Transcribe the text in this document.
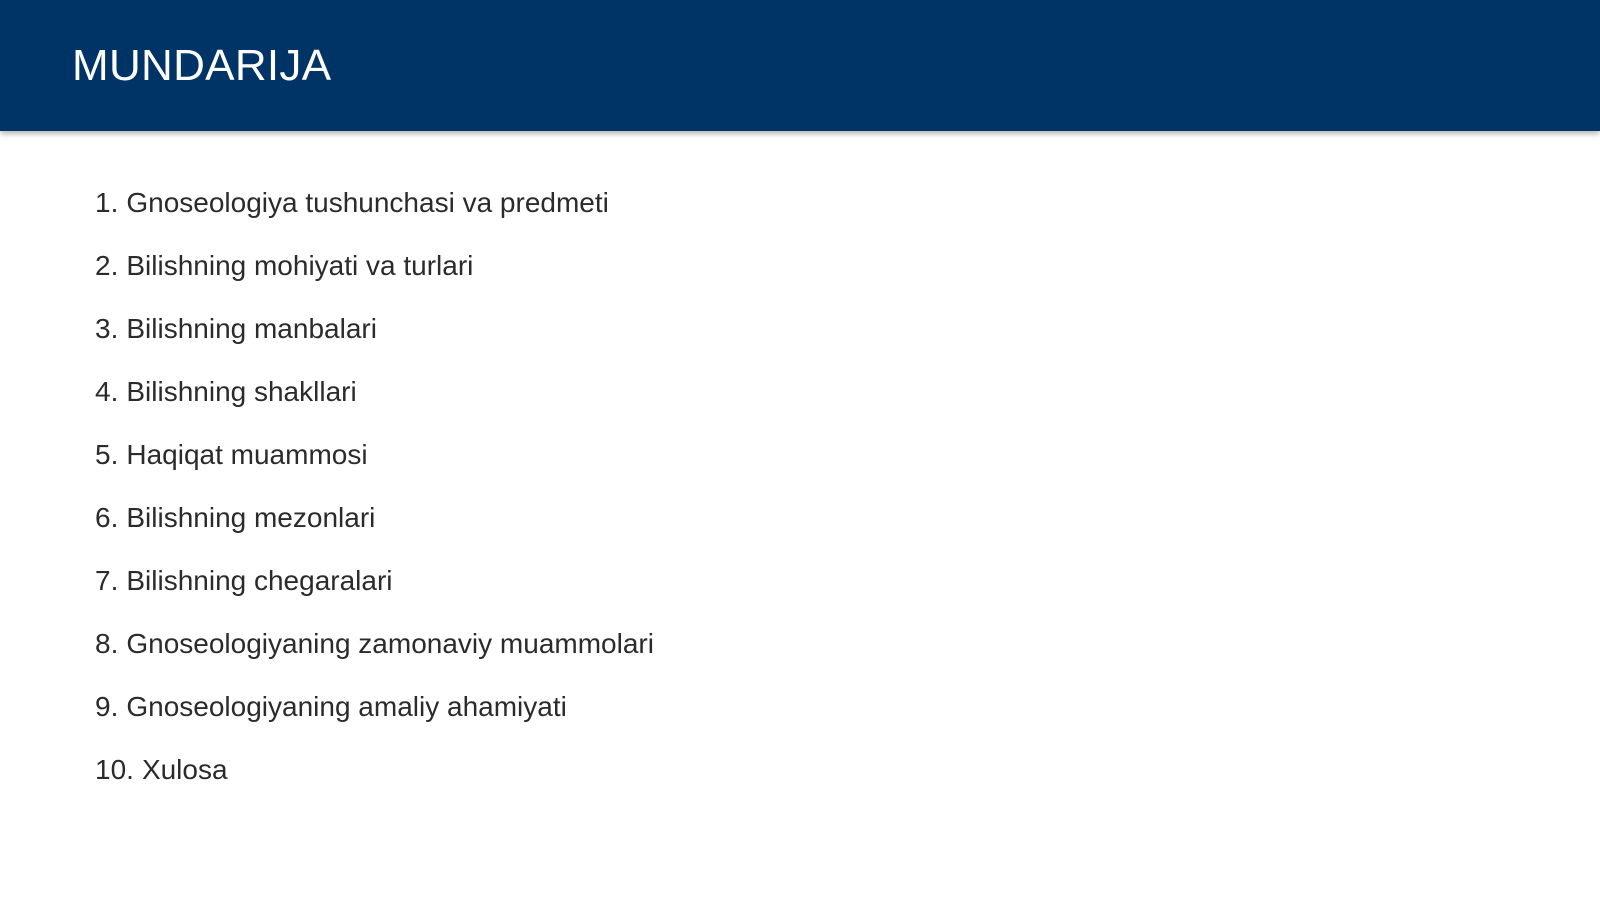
MUNDARIJA
1. Gnoseologiya tushunchasi va predmeti
2. Bilishning mohiyati va turlari
3. Bilishning manbalari
4. Bilishning shakllari
5. Haqiqat muammosi
6. Bilishning mezonlari
7. Bilishning chegaralari
8. Gnoseologiyaning zamonaviy muammolari
9. Gnoseologiyaning amaliy ahamiyati
10. Xulosa
